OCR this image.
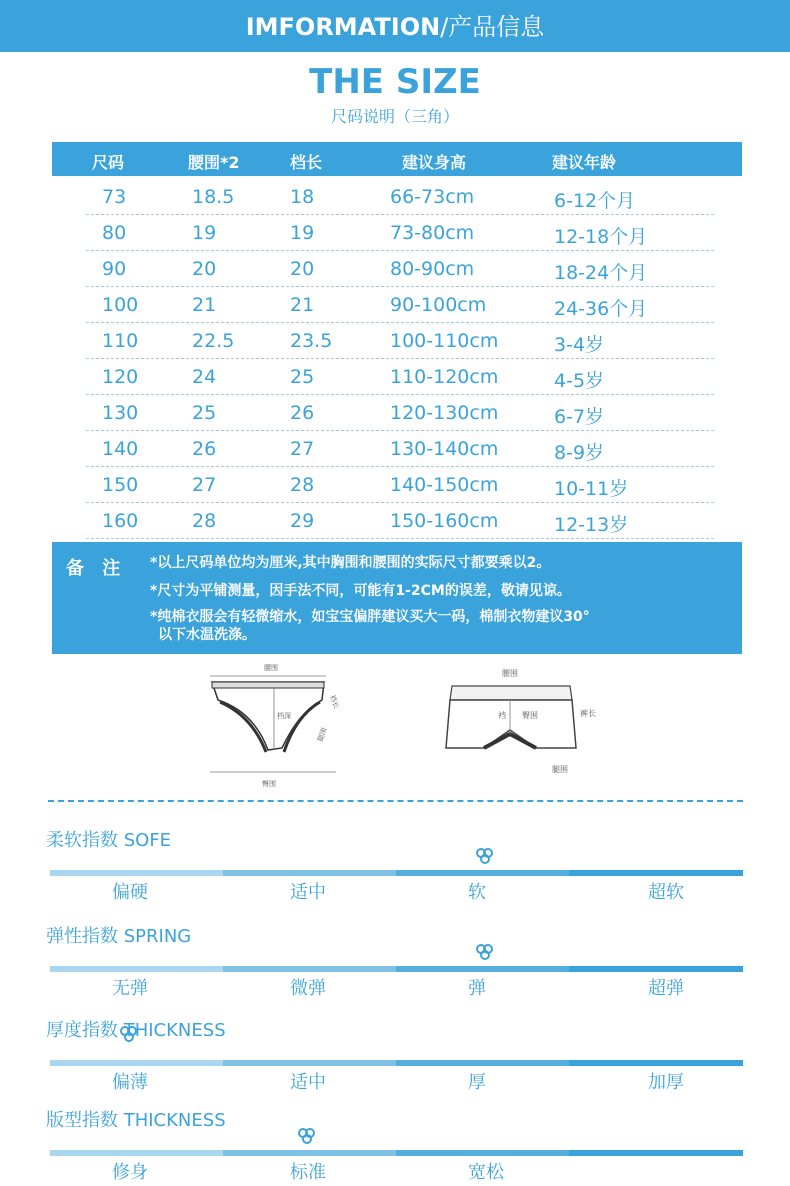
IMFORMATION/产品信息
THE SIZE
尺码说明（三角）
尺码	腰围*2	档长	建议身高	建议年龄
73	18.5	18	66-73cm	6-12个月
80	19	19	73-80cm	12-18个月
90	20	20	80-90cm	18-24个月
100	21	21	90-100cm	24-36个月
110	22.5	23.5	100-110cm	3-4岁
120	24	25	110-120cm	4-5岁
130	25	26	120-130cm	6-7岁
140	26	27	130-140cm	8-9岁
150	27	28	140-150cm	10-11岁
160	28	29	150-160cm	12-13岁
备 注 *以上尺码单位均为厘米,其中胸围和腰围的实际尺寸都要乘以2。
*尺寸为平铺测量，因手法不同，可能有1-2CM的误差，敬请见谅。
*纯棉衣服会有轻微缩水，如宝宝偏胖建议买大一码，棉制衣物建议30°
以下水温洗涤。
腰围
档深
裆长
腿围
臀围
腰围
裆 臀围	裤长
腿围
柔软指数 SOFE
偏硬	适中	软	超软
弹性指数 SPRING
无弹	微弹	弹	超弹
厚度指数 THICKNESS
偏薄	适中	厚	加厚
版型指数 THICKNESS
修身	标准	宽松
